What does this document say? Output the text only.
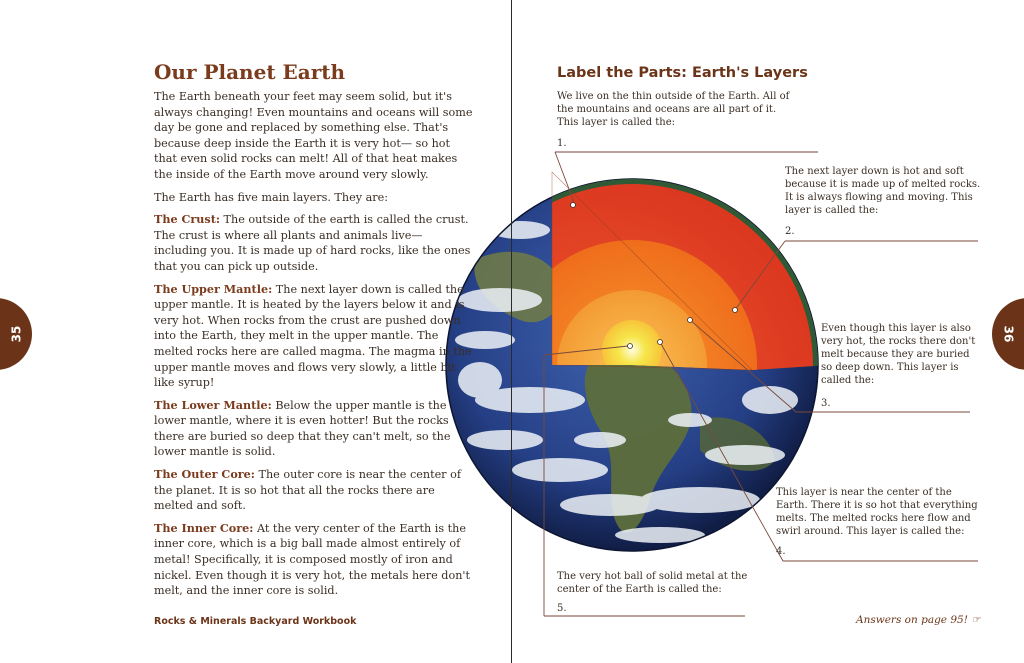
35	36
Our Planet Earth

The Earth beneath your feet may seem solid, but it's always changing! Even mountains and oceans will some day be gone and replaced by something else. That's because deep inside the Earth it is very hot— so hot that even solid rocks can melt! All of that heat makes the inside of the Earth move around very slowly.

The Earth has five main layers. They are:

The Crust: The outside of the earth is called the crust. The crust is where all plants and animals live— including you. It is made up of hard rocks, like the ones that you can pick up outside.

The Upper Mantle: The next layer down is called the upper mantle. It is heated by the layers below it and is very hot. When rocks from the crust are pushed down into the Earth, they melt in the upper mantle. The melted rocks here are called magma. The magma in the upper mantle moves and flows very slowly, a little bit like syrup!

The Lower Mantle: Below the upper mantle is the lower mantle, where it is even hotter! But the rocks there are buried so deep that they can't melt, so the lower mantle is solid.

The Outer Core: The outer core is near the center of the planet. It is so hot that all the rocks there are melted and soft.

The Inner Core: At the very center of the Earth is the inner core, which is a big ball made almost entirely of metal! Specifically, it is composed mostly of iron and nickel. Even though it is very hot, the metals here don't melt, and the inner core is solid.

Rocks & Minerals Backyard Workbook
Label the Parts: Earth's Layers
We live on the thin outside of the Earth. All of the mountains and oceans are all part of it. This layer is called the:
1.
The next layer down is hot and soft because it is made up of melted rocks. It is always flowing and moving. This layer is called the:
2.
Even though this layer is also very hot, the rocks there don't melt because they are buried so deep down. This layer is called the:
3.
This layer is near the center of the Earth. There it is so hot that everything melts. The melted rocks here flow and swirl around. This layer is called the:
4.
The very hot ball of solid metal at the center of the Earth is called the:
5.
Answers on page 95! ☞
